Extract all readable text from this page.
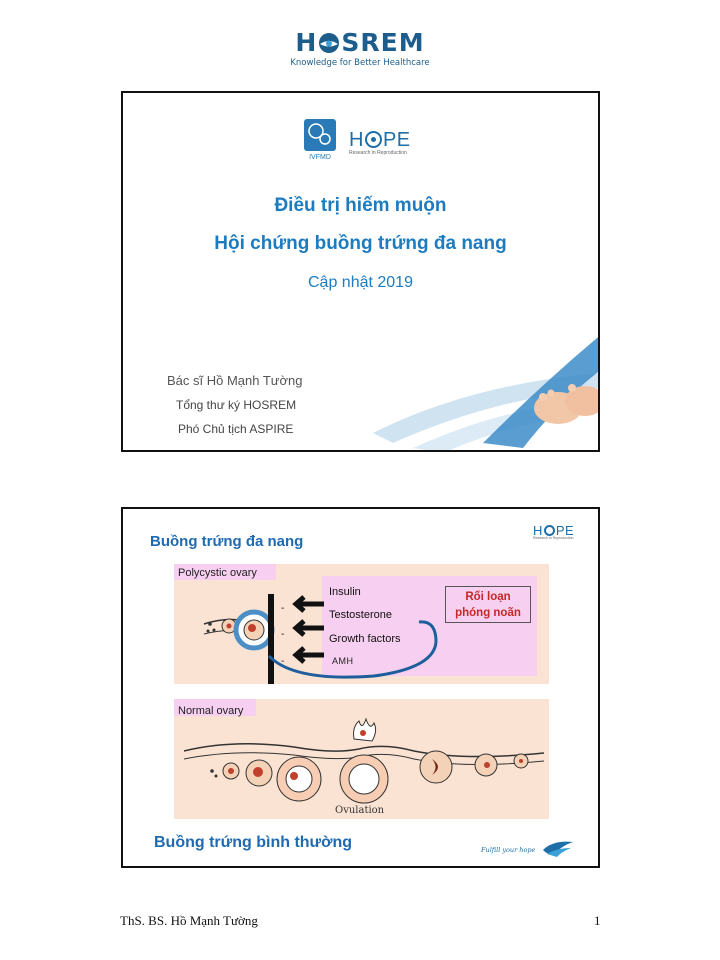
H SREM
Knowledge for Better Healthcare
IVFMD
H PE
Research in Reproduction
Điều trị hiếm muộn
Hội chứng buồng trứng đa nang
Cập nhật 2019
Bác sĩ Hồ Mạnh Tường
Tổng thư ký HOSREM
Phó Chủ tịch ASPIRE
Buồng trứng đa nang
H PE
Research in Reproduction
-
-
-
Polycystic ovary
Insulin
Testosterone
Growth factors
AMH
Rối loạn
phóng noãn
Normal ovary
Ovulation
Buồng trứng bình thường	Fulfill your hope
ThS. BS. Hồ Mạnh Tường	1
